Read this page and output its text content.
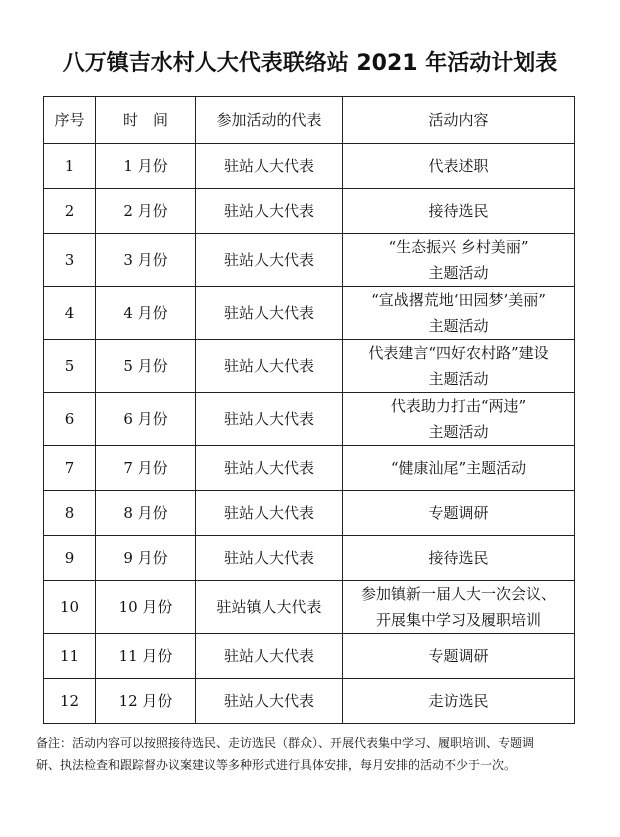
八万镇吉水村人大代表联络站 2021 年活动计划表
序号	时　间	参加活动的代表	活动内容
1	1 月份	驻站人大代表	代表述职

2	2 月份	驻站人大代表	接待选民

3	3 月份	驻站人大代表	“生态振兴 乡村美丽”
主题活动

4	4 月份	驻站人大代表	“宣战撂荒地‘田园梦’美丽”
主题活动

5	5 月份	驻站人大代表	代表建言“四好农村路”建设
主题活动

6	6 月份	驻站人大代表	代表助力打击“两违”
主题活动

7	7 月份	驻站人大代表	“健康汕尾”主题活动

8	8 月份	驻站人大代表	专题调研

9	9 月份	驻站人大代表	接待选民

10	10 月份	驻站镇人大代表	参加镇新一届人大一次会议、
开展集中学习及履职培训

11	11 月份	驻站人大代表	专题调研

12	12 月份	驻站人大代表	走访选民
备注：活动内容可以按照接待选民、走访选民（群众）、开展代表集中学习、履职培训、专题调
研、执法检查和跟踪督办议案建议等多种形式进行具体安排，每月安排的活动不少于一次。
